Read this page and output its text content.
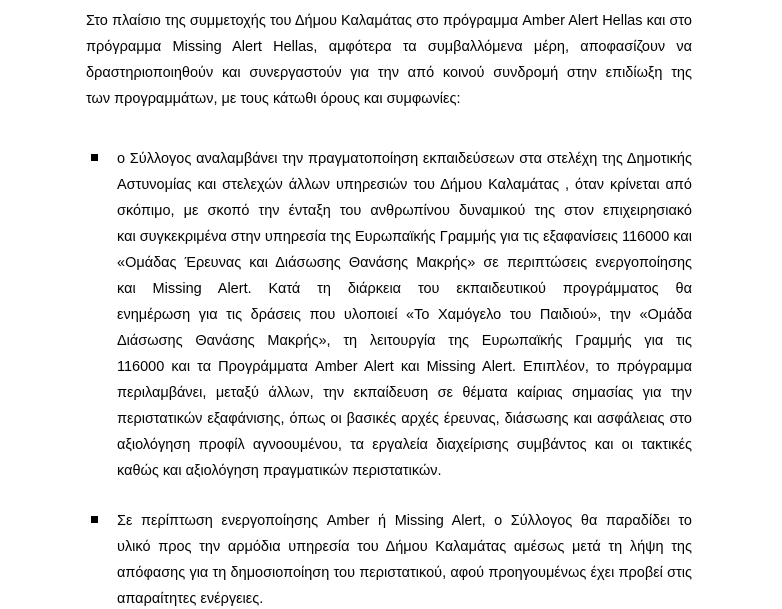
Στο πλαίσιο της συμμετοχής του Δήμου Καλαμάτας στο πρόγραμμα Amber Alert Hellas και στο
πρόγραμμα Missing Alert Hellas, αμφότερα τα συμβαλλόμενα μέρη, αποφασίζουν να
δραστηριοποιηθούν και συνεργαστούν για την από κοινού συνδρομή στην επιδίωξη της
των προγραμμάτων, με τους κάτωθι όρους και συμφωνίες:
ο Σύλλογος αναλαμβάνει την πραγματοποίηση εκπαιδεύσεων στα στελέχη της Δημοτικής
Αστυνομίας και στελεχών άλλων υπηρεσιών του Δήμου Καλαμάτας , όταν κρίνεται από
σκόπιμο, με σκοπό την ένταξη του ανθρωπίνου δυναμικού της στον επιχειρησιακό
και συγκεκριμένα στην υπηρεσία της Ευρωπαϊκής Γραμμής για τις εξαφανίσεις 116000 και
«Ομάδας Έρευνας και Διάσωσης Θανάσης Μακρής» σε περιπτώσεις ενεργοποίησης
και Missing Alert. Κατά τη διάρκεια του εκπαιδευτικού προγράμματος θα
ενημέρωση για τις δράσεις που υλοποιεί «Το Χαμόγελο του Παιδιού», την «Ομάδα
Διάσωσης Θανάσης Μακρής», τη λειτουργία της Ευρωπαϊκής Γραμμής για τις
116000 και τα Προγράμματα Amber Alert και Missing Alert. Επιπλέον, το πρόγραμμα
περιλαμβάνει, μεταξύ άλλων, την εκπαίδευση σε θέματα καίριας σημασίας για την
περιστατικών εξαφάνισης, όπως οι βασικές αρχές έρευνας, διάσωσης και ασφάλειας στο
αξιολόγηση προφίλ αγνοουμένου, τα εργαλεία διαχείρισης συμβάντος και οι τακτικές
καθώς και αξιολόγηση πραγματικών περιστατικών.
Σε περίπτωση ενεργοποίησης Amber ή Missing Alert, ο Σύλλογος θα παραδίδει το
υλικό προς την αρμόδια υπηρεσία του Δήμου Καλαμάτας αμέσως μετά τη λήψη της
απόφασης για τη δημοσιοποίηση του περιστατικού, αφού προηγουμένως έχει προβεί στις
απαραίτητες ενέργειες.
